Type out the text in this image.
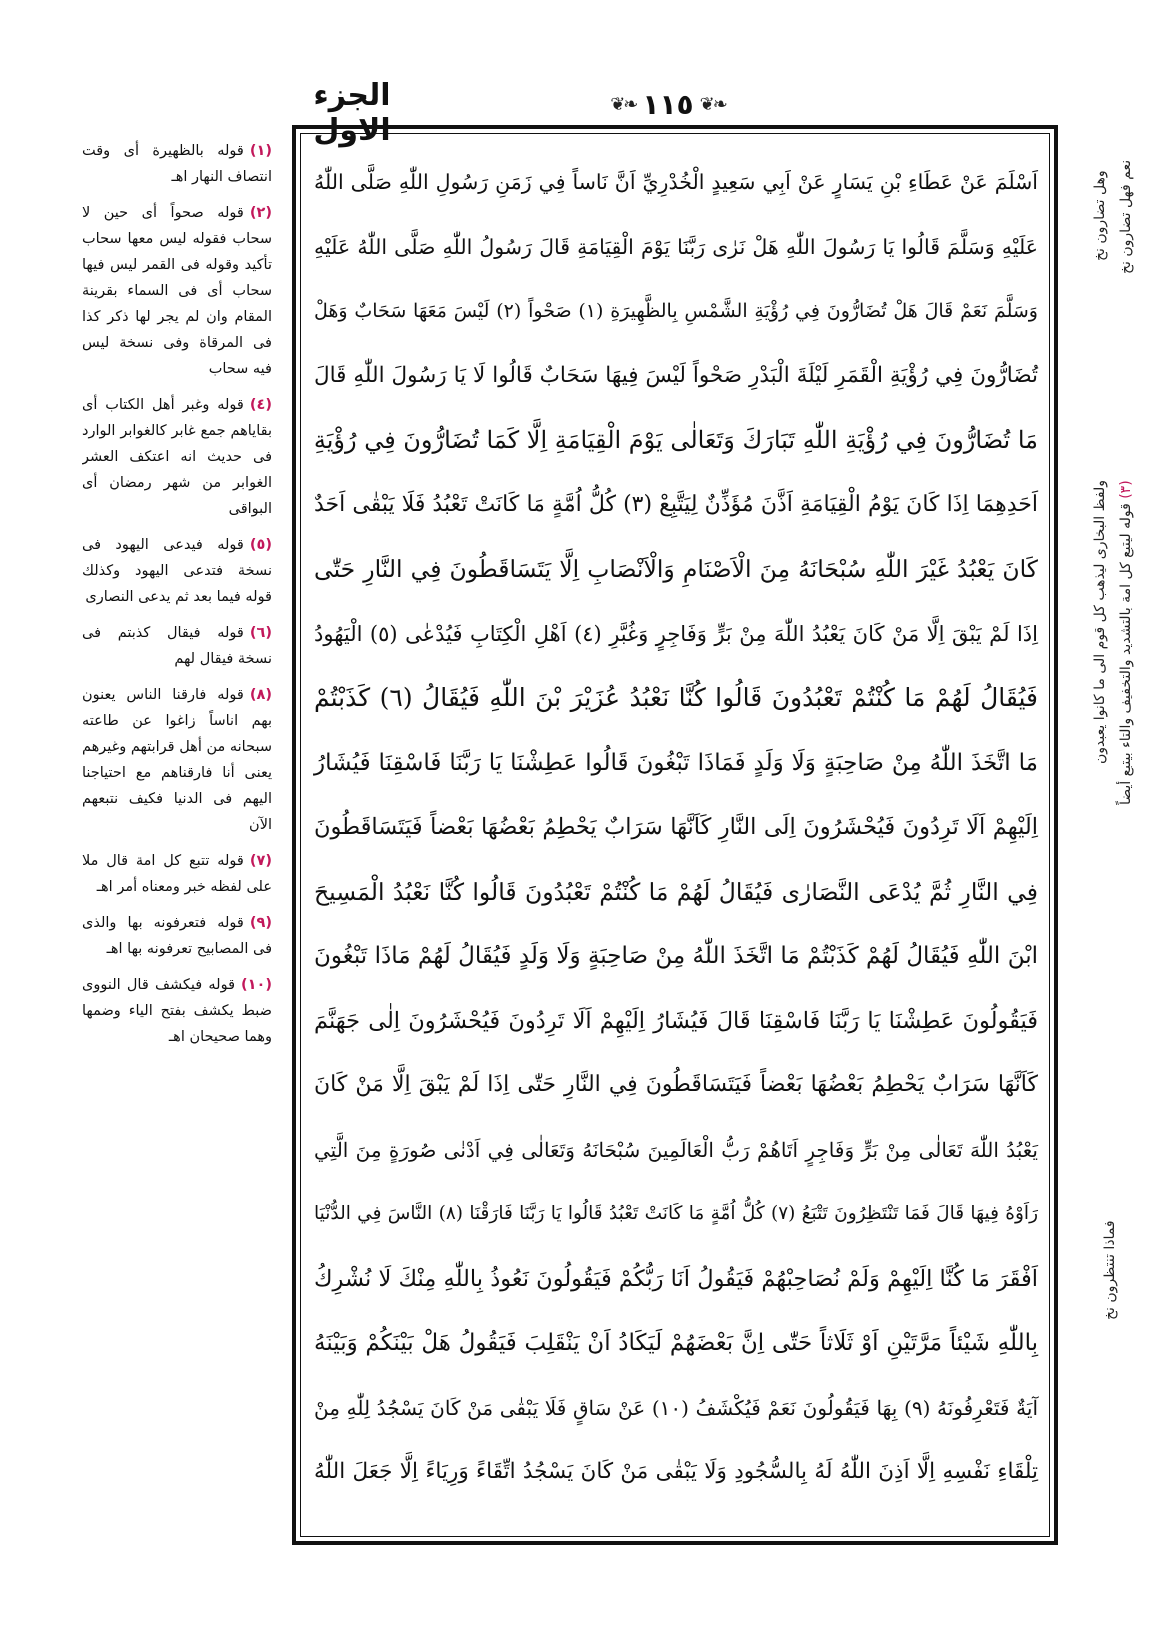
الجزء الاول
❦❧ ١١٥ ❦❧
اَسْلَمَ عَنْ عَطَاءِ بْنِ يَسَارٍ عَنْ اَبِي سَعِيدٍ الْخُدْرِيِّ اَنَّ نَاساً فِي زَمَنِ رَسُولِ اللّٰهِ صَلَّى اللّٰهُ
عَلَيْهِ وَسَلَّمَ قَالُوا يَا رَسُولَ اللّٰهِ هَلْ نَرٰى رَبَّنَا يَوْمَ الْقِيَامَةِ قَالَ رَسُولُ اللّٰهِ صَلَّى اللّٰهُ عَلَيْهِ
وَسَلَّمَ نَعَمْ قَالَ هَلْ تُضَارُّونَ فِي رُؤْيَةِ الشَّمْسِ بِالظَّهِيرَةِ (١) صَحْواً (٢) لَيْسَ مَعَهَا سَحَابٌ وَهَلْ
تُضَارُّونَ فِي رُؤْيَةِ الْقَمَرِ لَيْلَةَ الْبَدْرِ صَحْواً لَيْسَ فِيهَا سَحَابٌ قَالُوا لَا يَا رَسُولَ اللّٰهِ قَالَ
مَا تُضَارُّونَ فِي رُؤْيَةِ اللّٰهِ تَبَارَكَ وَتَعَالٰى يَوْمَ الْقِيَامَةِ اِلَّا كَمَا تُضَارُّونَ فِي رُؤْيَةِ
اَحَدِهِمَا اِذَا كَانَ يَوْمُ الْقِيَامَةِ اَذَّنَ مُؤَذِّنٌ لِيَتَّبِعْ (٣) كُلُّ اُمَّةٍ مَا كَانَتْ تَعْبُدُ فَلَا يَبْقٰى اَحَدٌ
كَانَ يَعْبُدُ غَيْرَ اللّٰهِ سُبْحَانَهُ مِنَ الْاَصْنَامِ وَالْاَنْصَابِ اِلَّا يَتَسَاقَطُونَ فِي النَّارِ حَتّٰى
اِذَا لَمْ يَبْقَ اِلَّا مَنْ كَانَ يَعْبُدُ اللّٰهَ مِنْ بَرٍّ وَفَاجِرٍ وَغُبَّرِ (٤) اَهْلِ الْكِتَابِ فَيُدْعٰى (٥) الْيَهُودُ
فَيُقَالُ لَهُمْ مَا كُنْتُمْ تَعْبُدُونَ قَالُوا كُنَّا نَعْبُدُ عُزَيْرَ بْنَ اللّٰهِ فَيُقَالُ (٦) كَذَبْتُمْ
مَا اتَّخَذَ اللّٰهُ مِنْ صَاحِبَةٍ وَلَا وَلَدٍ فَمَاذَا تَبْغُونَ قَالُوا عَطِشْنَا يَا رَبَّنَا فَاسْقِنَا فَيُشَارُ
اِلَيْهِمْ اَلَا تَرِدُونَ فَيُحْشَرُونَ اِلَى النَّارِ كَاَنَّهَا سَرَابٌ يَحْطِمُ بَعْضُهَا بَعْضاً فَيَتَسَاقَطُونَ
فِي النَّارِ ثُمَّ يُدْعَى النَّصَارٰى فَيُقَالُ لَهُمْ مَا كُنْتُمْ تَعْبُدُونَ قَالُوا كُنَّا نَعْبُدُ الْمَسِيحَ
ابْنَ اللّٰهِ فَيُقَالُ لَهُمْ كَذَبْتُمْ مَا اتَّخَذَ اللّٰهُ مِنْ صَاحِبَةٍ وَلَا وَلَدٍ فَيُقَالُ لَهُمْ مَاذَا تَبْغُونَ
فَيَقُولُونَ عَطِشْنَا يَا رَبَّنَا فَاسْقِنَا قَالَ فَيُشَارُ اِلَيْهِمْ اَلَا تَرِدُونَ فَيُحْشَرُونَ اِلٰى جَهَنَّمَ
كَاَنَّهَا سَرَابٌ يَحْطِمُ بَعْضُهَا بَعْضاً فَيَتَسَاقَطُونَ فِي النَّارِ حَتّٰى اِذَا لَمْ يَبْقَ اِلَّا مَنْ كَانَ
يَعْبُدُ اللّٰهَ تَعَالٰى مِنْ بَرٍّ وَفَاجِرٍ اَتَاهُمْ رَبُّ الْعَالَمِينَ سُبْحَانَهُ وَتَعَالٰى فِي اَدْنٰى صُورَةٍ مِنَ الَّتِي
رَاَوْهُ فِيهَا قَالَ فَمَا تَنْتَظِرُونَ تَتْبَعُ (٧) كُلُّ اُمَّةٍ مَا كَانَتْ تَعْبُدُ قَالُوا يَا رَبَّنَا فَارَقْنَا (٨) النَّاسَ فِي الدُّنْيَا
اَفْقَرَ مَا كُنَّا اِلَيْهِمْ وَلَمْ نُصَاحِبْهُمْ فَيَقُولُ اَنَا رَبُّكُمْ فَيَقُولُونَ نَعُوذُ بِاللّٰهِ مِنْكَ لَا نُشْرِكُ
بِاللّٰهِ شَيْئاً مَرَّتَيْنِ اَوْ ثَلَاثاً حَتّٰى اِنَّ بَعْضَهُمْ لَيَكَادُ اَنْ يَنْقَلِبَ فَيَقُولُ هَلْ بَيْنَكُمْ وَبَيْنَهُ
آيَةٌ فَتَعْرِفُونَهُ (٩) بِهَا فَيَقُولُونَ نَعَمْ فَيُكْشَفُ (١٠) عَنْ سَاقٍ فَلَا يَبْقٰى مَنْ كَانَ يَسْجُدُ لِلّٰهِ مِنْ
تِلْقَاءِ نَفْسِهِ اِلَّا اَذِنَ اللّٰهُ لَهُ بِالسُّجُودِ وَلَا يَبْقٰى مَنْ كَانَ يَسْجُدُ اتِّقَاءً وَرِيَاءً اِلَّا جَعَلَ اللّٰهُ
(١)قوله بالظهيرة أى وقت انتصاف النهار اهـ
(٢)قوله صحواً أى حين لا سحاب فقوله ليس معها سحاب تأكيد وقوله فى القمر ليس فيها سحاب أى فى السماء بقرينة المقام وان لم يجر لها ذكر كذا فى المرقاة وفى نسخة ليس فيه سحاب
(٤)قوله وغبر أهل الكتاب أى بقاياهم جمع غابر كالغوابر الوارد فى حديث انه اعتكف العشر الغوابر من شهر رمضان أى البواقى
(٥)قوله فيدعى اليهود فى نسخة فتدعى اليهود وكذلك قوله فيما بعد ثم يدعى النصارى
(٦)قوله فيقال كذبتم فى نسخة فيقال لهم
(٨)قوله فارقنا الناس يعنون بهم اناساً زاغوا عن طاعته سبحانه من أهل قرابتهم وغيرهم يعنى أنا فارقناهم مع احتياجنا اليهم فى الدنيا فكيف نتبعهم الآن
(٧)قوله تتبع كل امة قال ملا على لفظه خبر ومعناه أمر اهـ
(٩)قوله فتعرفونه بها والذى فى المصابيح تعرفونه بها اهـ
(١٠)قوله فيكشف قال النووى ضبط يكشف بفتح الياء وضمها وهما صحيحان اهـ
نعم فهل تضارون نخ
وهل تضارون نخ
(٣) قوله ليتبع كل امة بالتشديد والتخفيف والتاء بيتبع أيضاً
ولفظ البخارى ليذهب كل قوم الى ما كانوا يعبدون
فماذا تنتظرون نخ
